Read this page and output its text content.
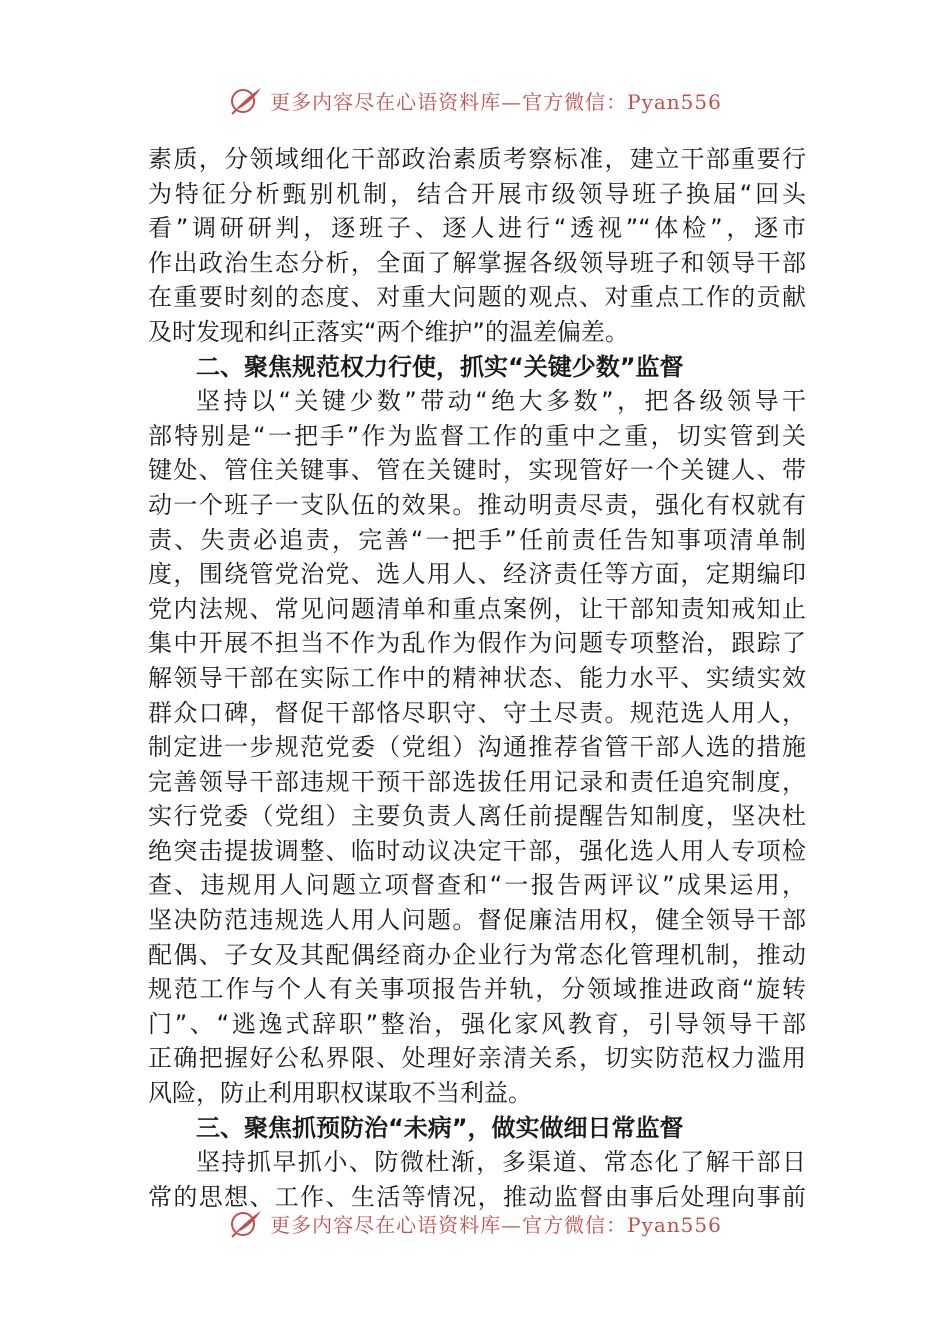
更多内容尽在心语资料库—官方微信：Pyan556
素质，分领域细化干部政治素质考察标准，建立干部重要行
为特征分析甄别机制，结合开展市级领导班子换届“回头
看”调研研判，逐班子、逐人进行“透视”“体检”，逐市
作出政治生态分析，全面了解掌握各级领导班子和领导干部
在重要时刻的态度、对重大问题的观点、对重点工作的贡献
及时发现和纠正落实“两个维护”的温差偏差。
二、聚焦规范权力行使，抓实“关键少数”监督
坚持以“关键少数”带动“绝大多数”，把各级领导干
部特别是“一把手”作为监督工作的重中之重，切实管到关
键处、管住关键事、管在关键时，实现管好一个关键人、带
动一个班子一支队伍的效果。推动明责尽责，强化有权就有
责、失责必追责，完善“一把手”任前责任告知事项清单制
度，围绕管党治党、选人用人、经济责任等方面，定期编印
党内法规、常见问题清单和重点案例，让干部知责知戒知止
集中开展不担当不作为乱作为假作为问题专项整治，跟踪了
解领导干部在实际工作中的精神状态、能力水平、实绩实效
群众口碑，督促干部恪尽职守、守土尽责。规范选人用人，
制定进一步规范党委（党组）沟通推荐省管干部人选的措施
完善领导干部违规干预干部选拔任用记录和责任追究制度，
实行党委（党组）主要负责人离任前提醒告知制度，坚决杜
绝突击提拔调整、临时动议决定干部，强化选人用人专项检
查、违规用人问题立项督查和“一报告两评议”成果运用，
坚决防范违规选人用人问题。督促廉洁用权，健全领导干部
配偶、子女及其配偶经商办企业行为常态化管理机制，推动
规范工作与个人有关事项报告并轨，分领域推进政商“旋转
门”、“逃逸式辞职”整治，强化家风教育，引导领导干部
正确把握好公私界限、处理好亲清关系，切实防范权力滥用
风险，防止利用职权谋取不当利益。
三、聚焦抓预防治“未病”，做实做细日常监督
坚持抓早抓小、防微杜渐，多渠道、常态化了解干部日
常的思想、工作、生活等情况，推动监督由事后处理向事前
更多内容尽在心语资料库—官方微信：Pyan556
